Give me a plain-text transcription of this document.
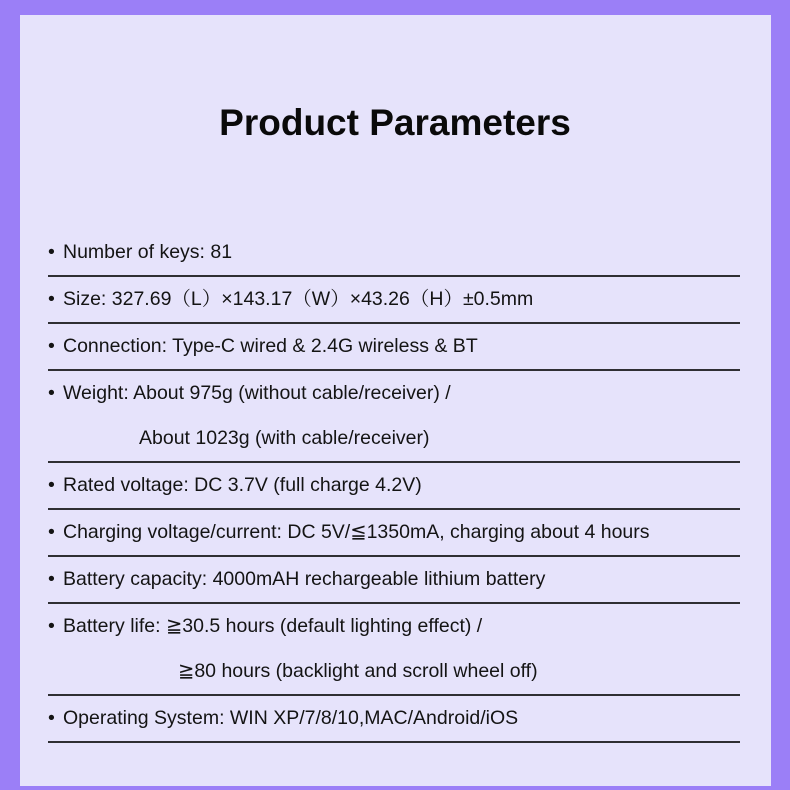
Product Parameters
• Number of keys: 81
• Size: 327.69（L）×143.17（W）×43.26（H）±0.5mm
• Connection: Type-C wired & 2.4G wireless & BT
• Weight: About 975g (without cable/receiver) /
About 1023g (with cable/receiver)
• Rated voltage: DC 3.7V (full charge 4.2V)
• Charging voltage/current: DC 5V/≦1350mA, charging about 4 hours
• Battery capacity: 4000mAH rechargeable lithium battery
• Battery life: ≧30.5 hours (default lighting effect) /
≧80 hours (backlight and scroll wheel off)
• Operating System: WIN XP/7/8/10,MAC/Android/iOS
